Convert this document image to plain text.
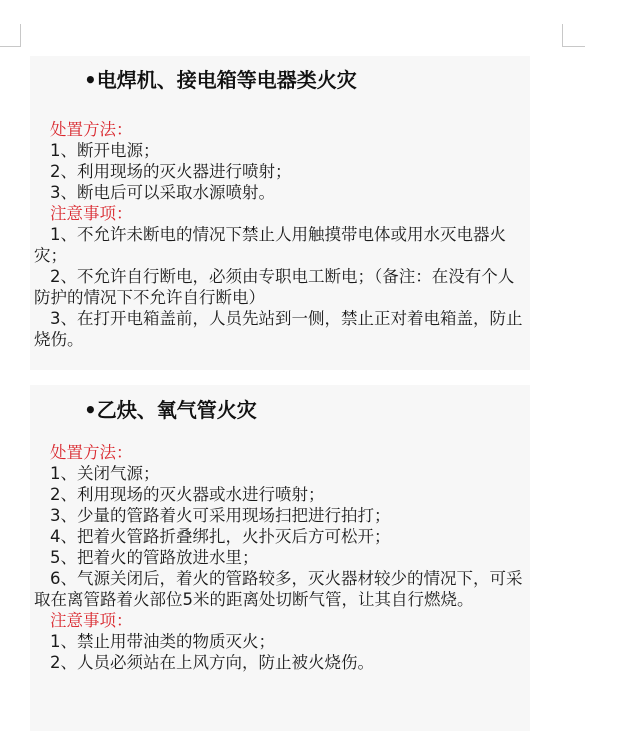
•电焊机、接电箱等电器类火灾
处置方法：
1、断开电源；
2、利用现场的灭火器进行喷射；
3、断电后可以采取水源喷射。
注意事项：
1、不允许未断电的情况下禁止人用触摸带电体或用水灭电器火灾；
2、不允许自行断电，必须由专职电工断电；（备注：在没有个人防护的情况下不允许自行断电）
3、在打开电箱盖前，人员先站到一侧，禁止正对着电箱盖，防止烧伤。
•乙炔、氧气管火灾
处置方法：
1、关闭气源；
2、利用现场的灭火器或水进行喷射；
3、少量的管路着火可采用现场扫把进行拍打；
4、把着火管路折叠绑扎，火扑灭后方可松开；
5、把着火的管路放进水里；
6、气源关闭后，着火的管路较多，灭火器材较少的情况下，可采取在离管路着火部位5米的距离处切断气管，让其自行燃烧。
注意事项：
1、禁止用带油类的物质灭火；
2、人员必须站在上风方向，防止被火烧伤。
